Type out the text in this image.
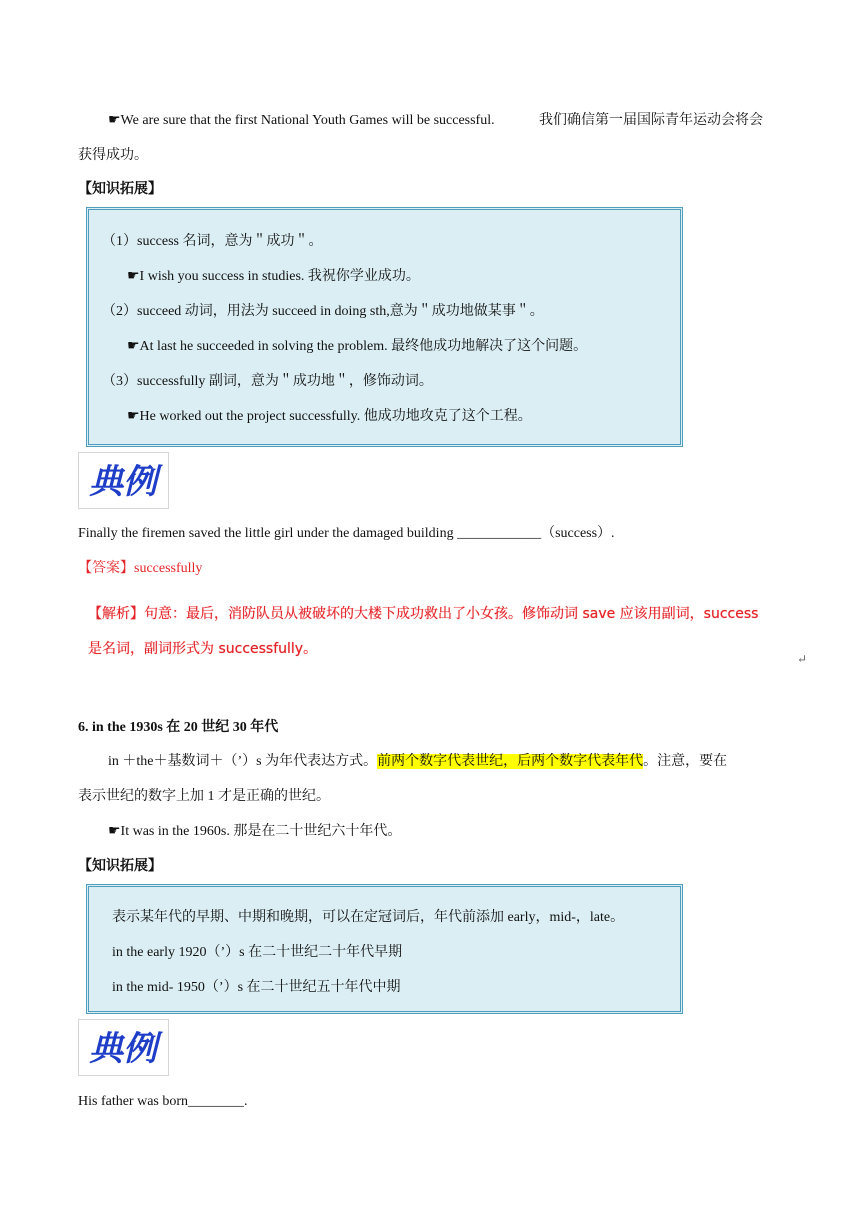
☛We are sure that the first National Youth Games will be successful.	我们确信第一届国际青年运动会将会
获得成功。
【知识拓展】
（1）success 名词，意为＂成功＂。
☛I wish you success in studies. 我祝你学业成功。
（2）succeed 动词，用法为 succeed in doing sth,意为＂成功地做某事＂。
☛At last he succeeded in solving the problem. 最终他成功地解决了这个问题。
（3）successfully 副词，意为＂成功地＂，修饰动词。
☛He worked out the project successfully. 他成功地攻克了这个工程。
典例
Finally the firemen saved the little girl under the damaged building ____________（success）.
【答案】successfully
【解析】句意：最后，消防队员从被破坏的大楼下成功救出了小女孩。修饰动词 save 应该用副词，success
是名词，副词形式为 successfully。
↵
6. in the 1930s 在 20 世纪 30 年代
in ＋the＋基数词＋（’）s 为年代表达方式。前两个数字代表世纪，后两个数字代表年代。注意，要在
表示世纪的数字上加 1 才是正确的世纪。
☛It was in the 1960s. 那是在二十世纪六十年代。
【知识拓展】
表示某年代的早期、中期和晚期，可以在定冠词后，年代前添加 early，mid-，late。
in the early 1920（’）s 在二十世纪二十年代早期
in the mid- 1950（’）s 在二十世纪五十年代中期
典例
His father was born________.
